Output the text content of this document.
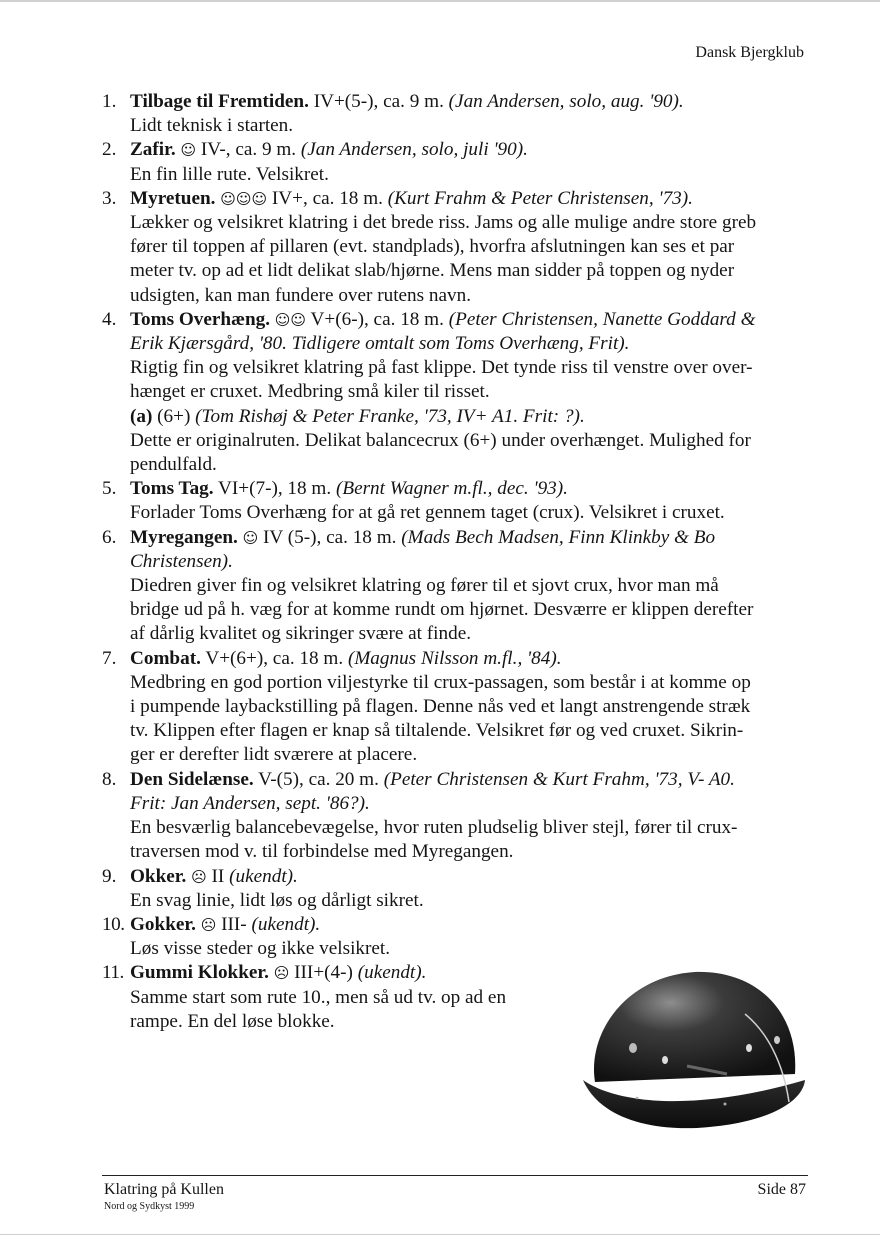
Dansk Bjergklub
1. Tilbage til Fremtiden. IV+(5-), ca. 9 m. (Jan Andersen, solo, aug. '90).
Lidt teknisk i starten.
2. Zafir. ☺ IV-, ca. 9 m. (Jan Andersen, solo, juli '90).
En fin lille rute. Velsikret.
3. Myretuen. ☺☺☺ IV+, ca. 18 m. (Kurt Frahm & Peter Christensen, '73).
Lækker og velsikret klatring i det brede riss. Jams og alle mulige andre store greb
fører til toppen af pillaren (evt. standplads), hvorfra afslutningen kan ses et par
meter tv. op ad et lidt delikat slab/hjørne. Mens man sidder på toppen og nyder
udsigten, kan man fundere over rutens navn.
4. Toms Overhæng. ☺☺ V+(6-), ca. 18 m. (Peter Christensen, Nanette Goddard &
Erik Kjærsgård, '80. Tidligere omtalt som Toms Overhæng, Frit).
Rigtig fin og velsikret klatring på fast klippe. Det tynde riss til venstre over over-
hænget er cruxet. Medbring små kiler til risset.
(a) (6+) (Tom Rishøj & Peter Franke, '73, IV+ A1. Frit: ?).
Dette er originalruten. Delikat balancecrux (6+) under overhænget. Mulighed for
pendulfald.
5. Toms Tag. VI+(7-), 18 m. (Bernt Wagner m.fl., dec. '93).
Forlader Toms Overhæng for at gå ret gennem taget (crux). Velsikret i cruxet.
6. Myregangen. ☺ IV (5-), ca. 18 m. (Mads Bech Madsen, Finn Klinkby & Bo
Christensen).
Diedren giver fin og velsikret klatring og fører til et sjovt crux, hvor man må
bridge ud på h. væg for at komme rundt om hjørnet. Desværre er klippen derefter
af dårlig kvalitet og sikringer svære at finde.
7. Combat. V+(6+), ca. 18 m. (Magnus Nilsson m.fl., '84).
Medbring en god portion viljestyrke til crux-passagen, som består i at komme op
i pumpende laybackstilling på flagen. Denne nås ved et langt anstrengende stræk
tv. Klippen efter flagen er knap så tiltalende. Velsikret før og ved cruxet. Sikrin-
ger er derefter lidt sværere at placere.
8. Den Sidelænse. V-(5), ca. 20 m. (Peter Christensen & Kurt Frahm, '73, V- A0.
Frit: Jan Andersen, sept. '86?).
En besværlig balancebevægelse, hvor ruten pludselig bliver stejl, fører til crux-
traversen mod v. til forbindelse med Myregangen.
9. Okker. ☹ II (ukendt).
En svag linie, lidt løs og dårligt sikret.
10. Gokker. ☹ III- (ukendt).
Løs visse steder og ikke velsikret.
11. Gummi Klokker. ☹ III+(4-) (ukendt).
Samme start som rute 10., men så ud tv. op ad en
rampe. En del løse blokke.
Klatring på Kullen
Nord og Sydkyst 1999
Side 87
